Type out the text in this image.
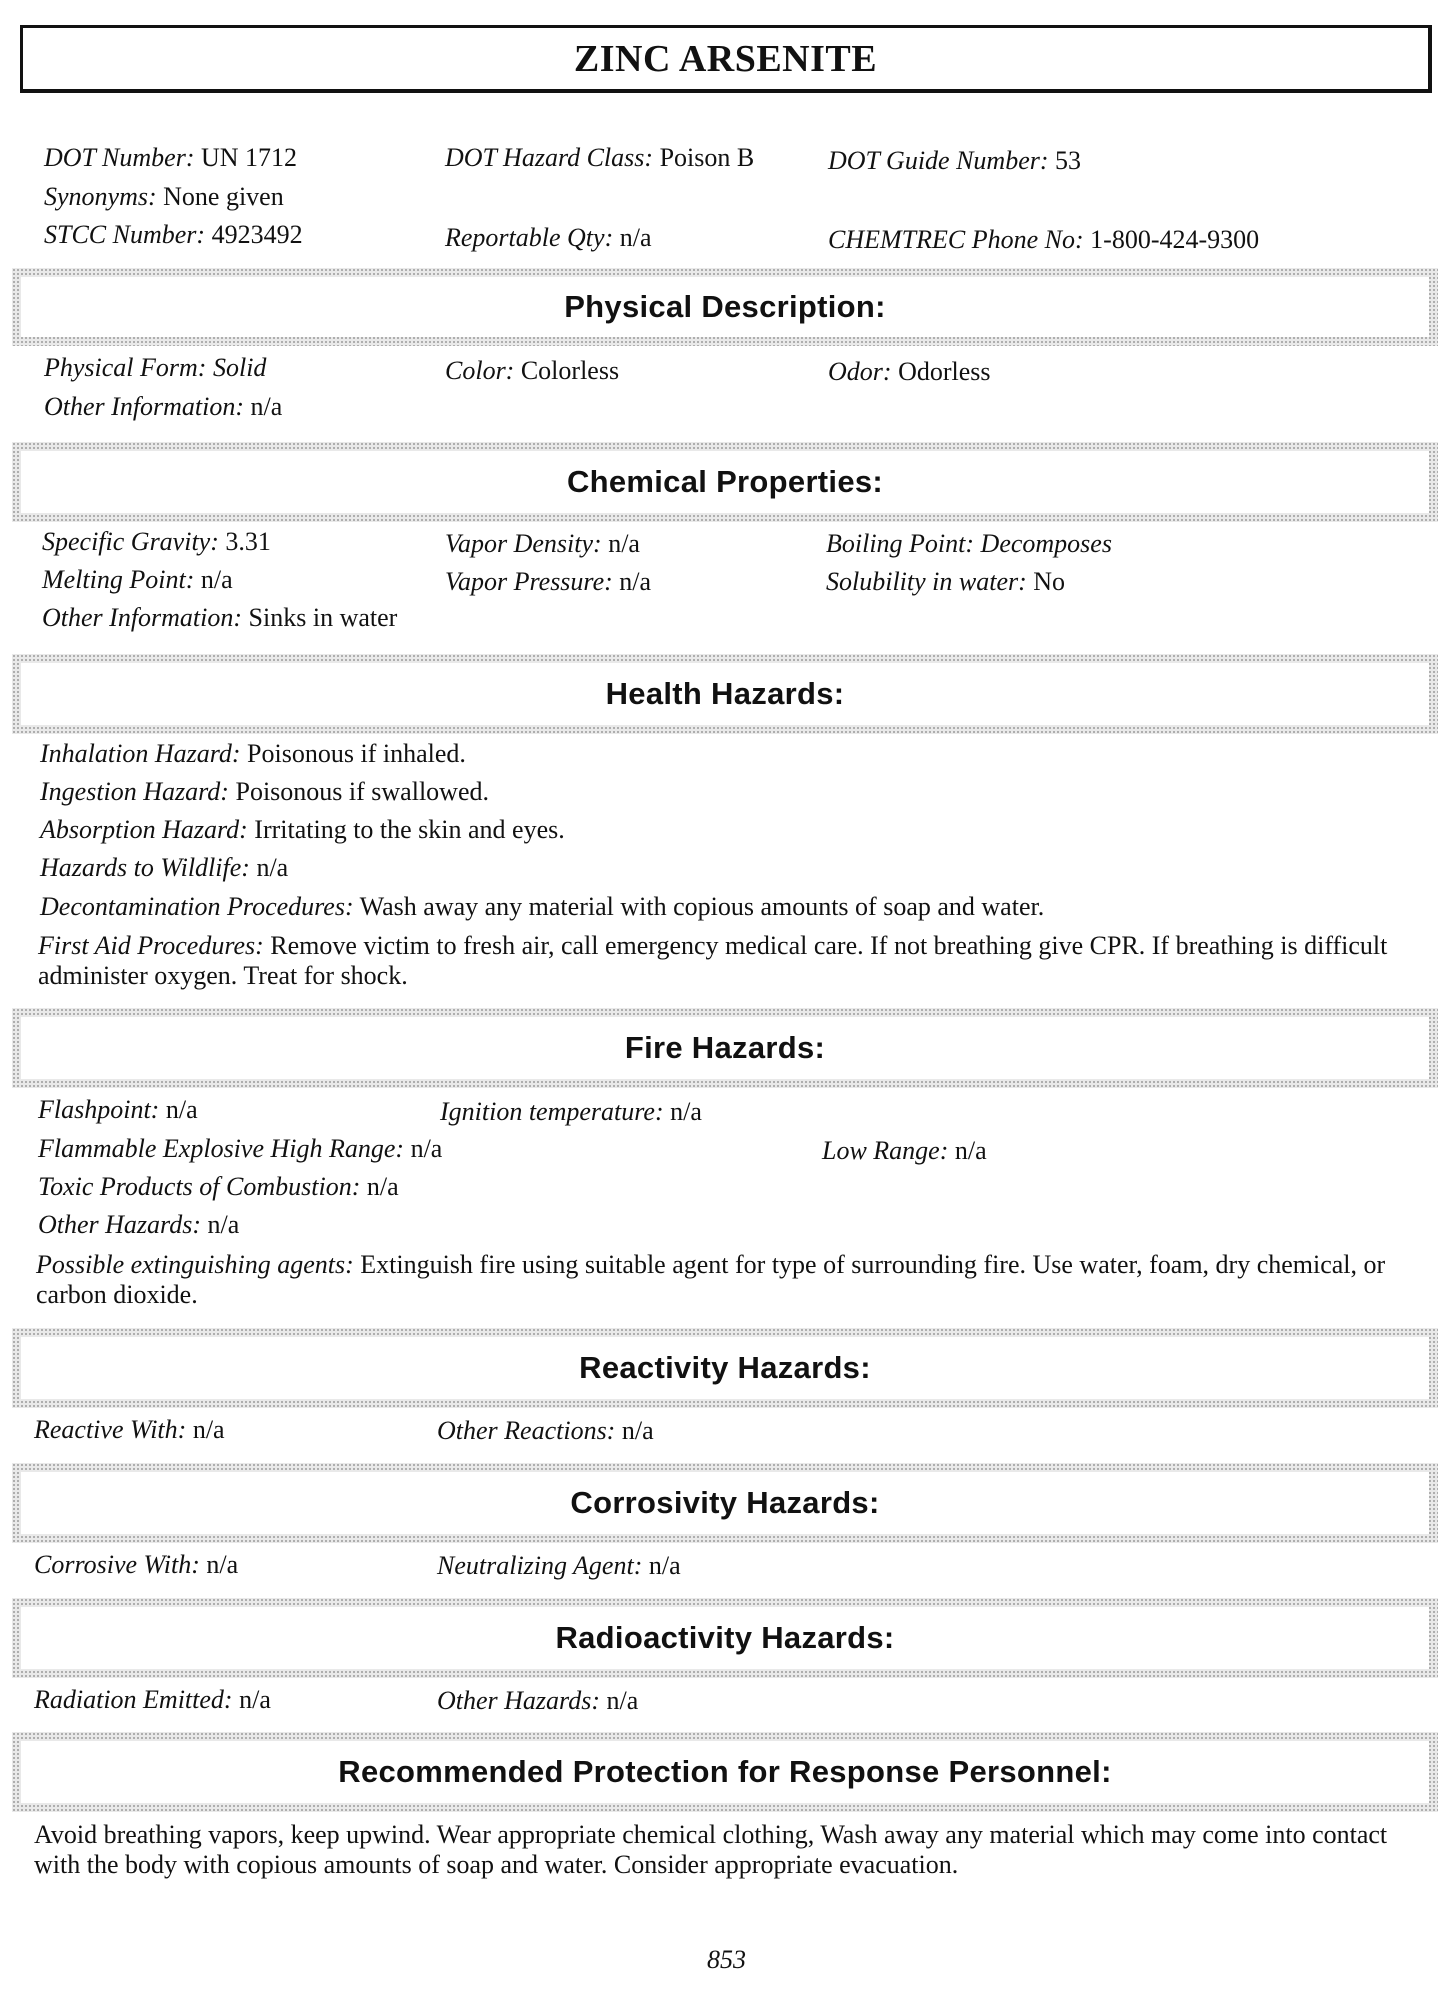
ZINC ARSENITE
DOT Number: UN 1712	DOT Hazard Class: Poison B	DOT Guide Number: 53
Synonyms: None given
STCC Number: 4923492	Reportable Qty: n/a	CHEMTREC Phone No: 1-800-424-9300
Physical Description:
Physical Form: Solid	Color: Colorless	Odor: Odorless
Other Information: n/a
Chemical Properties:
Specific Gravity: 3.31	Vapor Density: n/a	Boiling Point: Decomposes
Melting Point: n/a	Vapor Pressure: n/a	Solubility in water: No
Other Information: Sinks in water
Health Hazards:
Inhalation Hazard: Poisonous if inhaled.
Ingestion Hazard: Poisonous if swallowed.
Absorption Hazard: Irritating to the skin and eyes.
Hazards to Wildlife: n/a
Decontamination Procedures: Wash away any material with copious amounts of soap and water.
First Aid Procedures: Remove victim to fresh air, call emergency medical care. If not breathing give CPR. If breathing is difficult administer oxygen. Treat for shock.
Fire Hazards:
Flashpoint: n/a	Ignition temperature: n/a
Flammable Explosive High Range: n/a	Low Range: n/a
Toxic Products of Combustion: n/a
Other Hazards: n/a
Possible extinguishing agents: Extinguish fire using suitable agent for type of surrounding fire. Use water, foam, dry chemical, or carbon dioxide.
Reactivity Hazards:
Reactive With: n/a	Other Reactions: n/a
Corrosivity Hazards:
Corrosive With: n/a	Neutralizing Agent: n/a
Radioactivity Hazards:
Radiation Emitted: n/a	Other Hazards: n/a
Recommended Protection for Response Personnel:
Avoid breathing vapors, keep upwind. Wear appropriate chemical clothing, Wash away any material which may come into contact with the body with copious amounts of soap and water. Consider appropriate evacuation.
853
